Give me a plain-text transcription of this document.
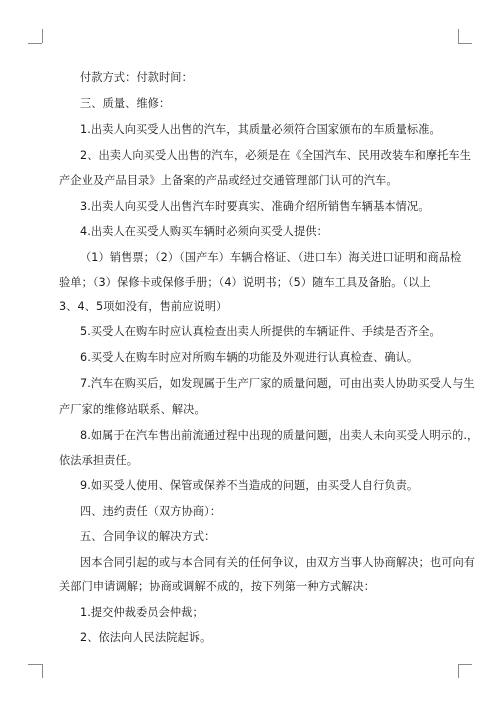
付款方式：付款时间：
三、质量、维修：
1.出卖人向买受人出售的汽车，其质量必须符合国家颁布的车质量标准。
2、出卖人向买受人出售的汽车，必须是在《全国汽车、民用改装车和摩托车生
产企业及产品目录》上备案的产品或经过交通管理部门认可的汽车。
3.出卖人向买受人出售汽车时要真实、准确介绍所销售车辆基本情况。
4.出卖人在买受人购买车辆时必须向买受人提供：
（1）销售票；（2）（国产车）车辆合格证、（进口车）海关进口证明和商品检
验单；（3）保修卡或保修手册；（4）说明书；（5）随车工具及备胎。（以上
3、4、5项如没有，售前应说明）
5.买受人在购车时应认真检查出卖人所提供的车辆证件、手续是否齐全。
6.买受人在购车时应对所购车辆的功能及外观进行认真检查、确认。
7.汽车在购买后，如发现属于生产厂家的质量问题，可由出卖人协助买受人与生
产厂家的维修站联系、解决。
8.如属于在汽车售出前流通过程中出现的质量问题，出卖人未向买受人明示的.，
依法承担责任。
9.如买受人使用、保管或保养不当造成的问题，由买受人自行负责。
四、违约责任（双方协商）：
五、合同争议的解决方式：
因本合同引起的或与本合同有关的任何争议，由双方当事人协商解决；也可向有
关部门申请调解；协商或调解不成的，按下列第一种方式解决：
1.提交仲裁委员会仲裁；
2、依法向人民法院起诉。
